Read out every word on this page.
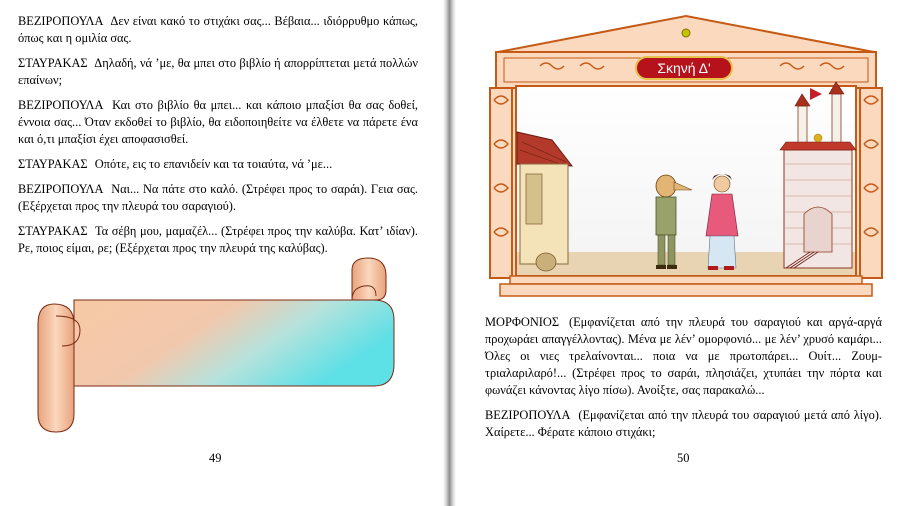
ΒΕΖΙΡΟΠΟΥΛΑ Δεν είναι κακό το στιχάκι σας... Βέβαια... ιδιόρρυθμο κάπως, όπως και η ομιλία σας.

ΣΤΑΥΡΑΚΑΣ Δηλαδή, νά ’με, θα μπει στο βιβλίο ή απορρίπτεται μετά πολλών επαίνων;

ΒΕΖΙΡΟΠΟΥΛΑ Και στο βιβλίο θα μπει... και κάποιο μπαξίσι θα σας δοθεί, έννοια σας... Όταν εκδοθεί το βιβλίο, θα ειδοποιηθείτε να έλθετε να πάρετε ένα και ό,τι μπαξίσι έχει αποφασισθεί.

ΣΤΑΥΡΑΚΑΣ Οπότε, εις το επανιδείν και τα τοιαύτα, νά ’με...

ΒΕΖΙΡΟΠΟΥΛΑ Ναι... Να πάτε στο καλό. (Στρέφει προς το σαράι). Γεια σας. (Εξέρχεται προς την πλευρά του σαραγιού).

ΣΤΑΥΡΑΚΑΣ Τα σέβη μου, μαμαζέλ... (Στρέφει προς την καλύβα. Κατ’ ιδίαν). Ρε, ποιος είμαι, ρε; (Εξέρχεται προς την πλευρά της καλύβας).

49
Σκηνή Δ'

ΜΟΡΦΟΝΙΟΣ (Εμφανίζεται από την πλευρά του σαραγιού και αργά-αργά προχωράει απαγγέλλοντας). Μένα με λέν’ ομορφονιό... με λέν’ χρυσό καμάρι... Όλες οι νιες τρελαίνονται... ποια να με πρωτοπάρει... Ουίτ... Ζουμ-τριαλαριλαρό!... (Στρέφει προς το σαράι, πλησιάζει, χτυπάει την πόρτα και φωνάζει κάνοντας λίγο πίσω). Ανοίξτε, σας παρακαλώ...

ΒΕΖΙΡΟΠΟΥΛΑ (Εμφανίζεται από την πλευρά του σαραγιού μετά από λίγο). Χαίρετε... Φέρατε κάποιο στιχάκι;

50
